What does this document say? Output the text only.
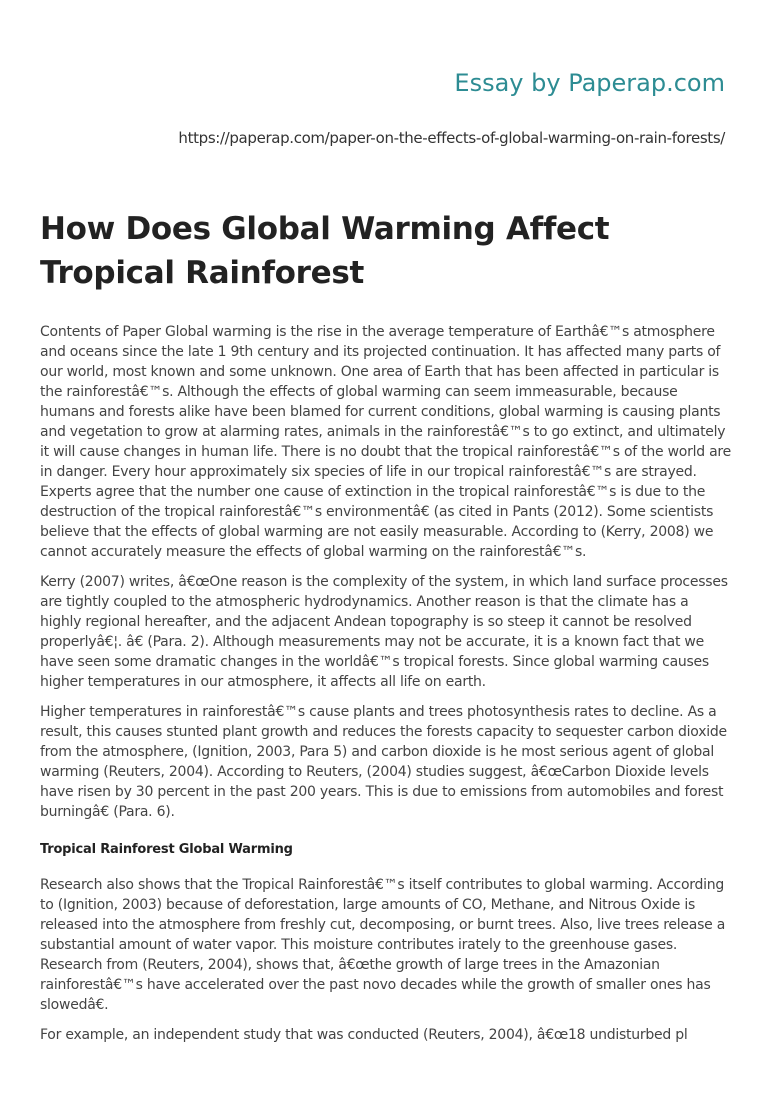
Essay by Paperap.com
https://paperap.com/paper-on-the-effects-of-global-warming-on-rain-forests/
How Does Global Warming Affect Tropical Rainforest

Contents of Paper Global warming is the rise in the average temperature of Earthâ€™s atmosphere and oceans since the late 1 9th century and its projected continuation. It has affected many parts of our world, most known and some unknown. One area of Earth that has been affected in particular is the rainforestâ€™s. Although the effects of global warming can seem immeasurable, because humans and forests alike have been blamed for current conditions, global warming is causing plants and vegetation to grow at alarming rates, animals in the rainforestâ€™s to go extinct, and ultimately it will cause changes in human life. There is no doubt that the tropical rainforestâ€™s of the world are in danger. Every hour approximately six species of life in our tropical rainforestâ€™s are strayed. Experts agree that the number one cause of extinction in the tropical rainforestâ€™s is due to the destruction of the tropical rainforestâ€™s environmentâ€ (as cited in Pants (2012). Some scientists believe that the effects of global warming are not easily measurable. According to (Kerry, 2008) we cannot accurately measure the effects of global warming on the rainforestâ€™s.

Kerry (2007) writes, â€œOne reason is the complexity of the system, in which land surface processes are tightly coupled to the atmospheric hydrodynamics. Another reason is that the climate has a highly regional hereafter, and the adjacent Andean topography is so steep it cannot be resolved properlyâ€¦. â€ (Para. 2). Although measurements may not be accurate, it is a known fact that we have seen some dramatic changes in the worldâ€™s tropical forests. Since global warming causes higher temperatures in our atmosphere, it affects all life on earth.

Higher temperatures in rainforestâ€™s cause plants and trees photosynthesis rates to decline. As a result, this causes stunted plant growth and reduces the forests capacity to sequester carbon dioxide from the atmosphere, (Ignition, 2003, Para 5) and carbon dioxide is he most serious agent of global warming (Reuters, 2004). According to Reuters, (2004) studies suggest, â€œCarbon Dioxide levels have risen by 30 percent in the past 200 years. This is due to emissions from automobiles and forest burningâ€ (Para. 6).

Tropical Rainforest Global Warming

Research also shows that the Tropical Rainforestâ€™s itself contributes to global warming. According to (Ignition, 2003) because of deforestation, large amounts of CO, Methane, and Nitrous Oxide is released into the atmosphere from freshly cut, decomposing, or burnt trees. Also, live trees release a substantial amount of water vapor. This moisture contributes irately to the greenhouse gases. Research from (Reuters, 2004), shows that, â€œthe growth of large trees in the Amazonian rainforestâ€™s have accelerated over the past novo decades while the growth of smaller ones has slowedâ€.

For example, an independent study that was conducted (Reuters, 2004), â€œ18 undisturbed pl
